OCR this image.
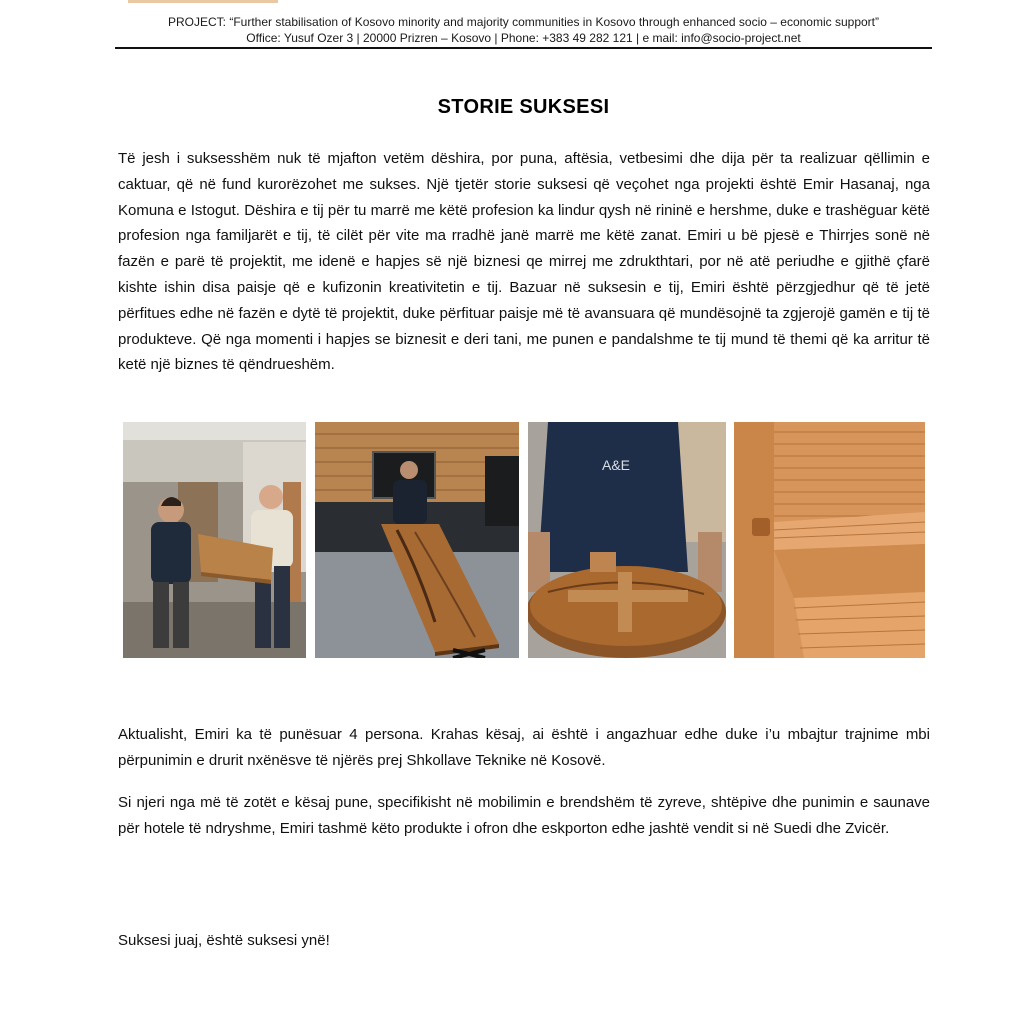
PROJECT: “Further stabilisation of Kosovo minority and majority communities in Kosovo through enhanced socio – economic support”
Office: Yusuf Ozer 3 | 20000 Prizren – Kosovo | Phone: +383 49 282 121 | e mail: info@socio-project.net
STORIE SUKSESI
Të jesh i suksesshëm nuk të mjafton vetëm dëshira, por puna, aftësia, vetbesimi dhe dija për ta realizuar qëllimin e caktuar, që në fund kurorëzohet me sukses. Një tjetër storie suksesi që veçohet nga projekti është Emir Hasanaj, nga Komuna e Istogut. Dëshira e tij për tu marrë me këtë profesion ka lindur qysh në rininë e hershme, duke e trashëguar këtë profesion nga familjarët e tij, të cilët për vite ma rradhë janë marrë me këtë zanat. Emiri u bë pjesë e Thirrjes sonë në fazën e parë të projektit, me idenë e hapjes së një biznesi qe mirrej me zdrukthtari, por në atë periudhe e gjithë çfarë kishte ishin disa paisje që e kufizonin kreativitetin e tij. Bazuar në suksesin e tij, Emiri është përzgjedhur që të jetë përfitues edhe në fazën e dytë të projektit, duke përfituar paisje më të avansuara që mundësojnë ta zgjerojë gamën e tij të produkteve. Që nga momenti i hapjes se biznesit e deri tani, me punen e pandalshme te tij mund të themi që ka arritur të ketë një biznes të qëndrueshëm.
A&E
Aktualisht, Emiri ka të punësuar 4 persona. Krahas kësaj, ai është i angazhuar edhe duke i’u mbajtur trajnime mbi përpunimin e drurit nxënësve të njërës prej Shkollave Teknike në Kosovë.
Si njeri nga më të zotët e kësaj pune, specifikisht në mobilimin e brendshëm të zyreve, shtëpive dhe punimin e saunave për hotele të ndryshme, Emiri tashmë këto produkte i ofron dhe eskporton edhe jashtë vendit si në Suedi dhe Zvicër.
Suksesi juaj, është suksesi ynë!
